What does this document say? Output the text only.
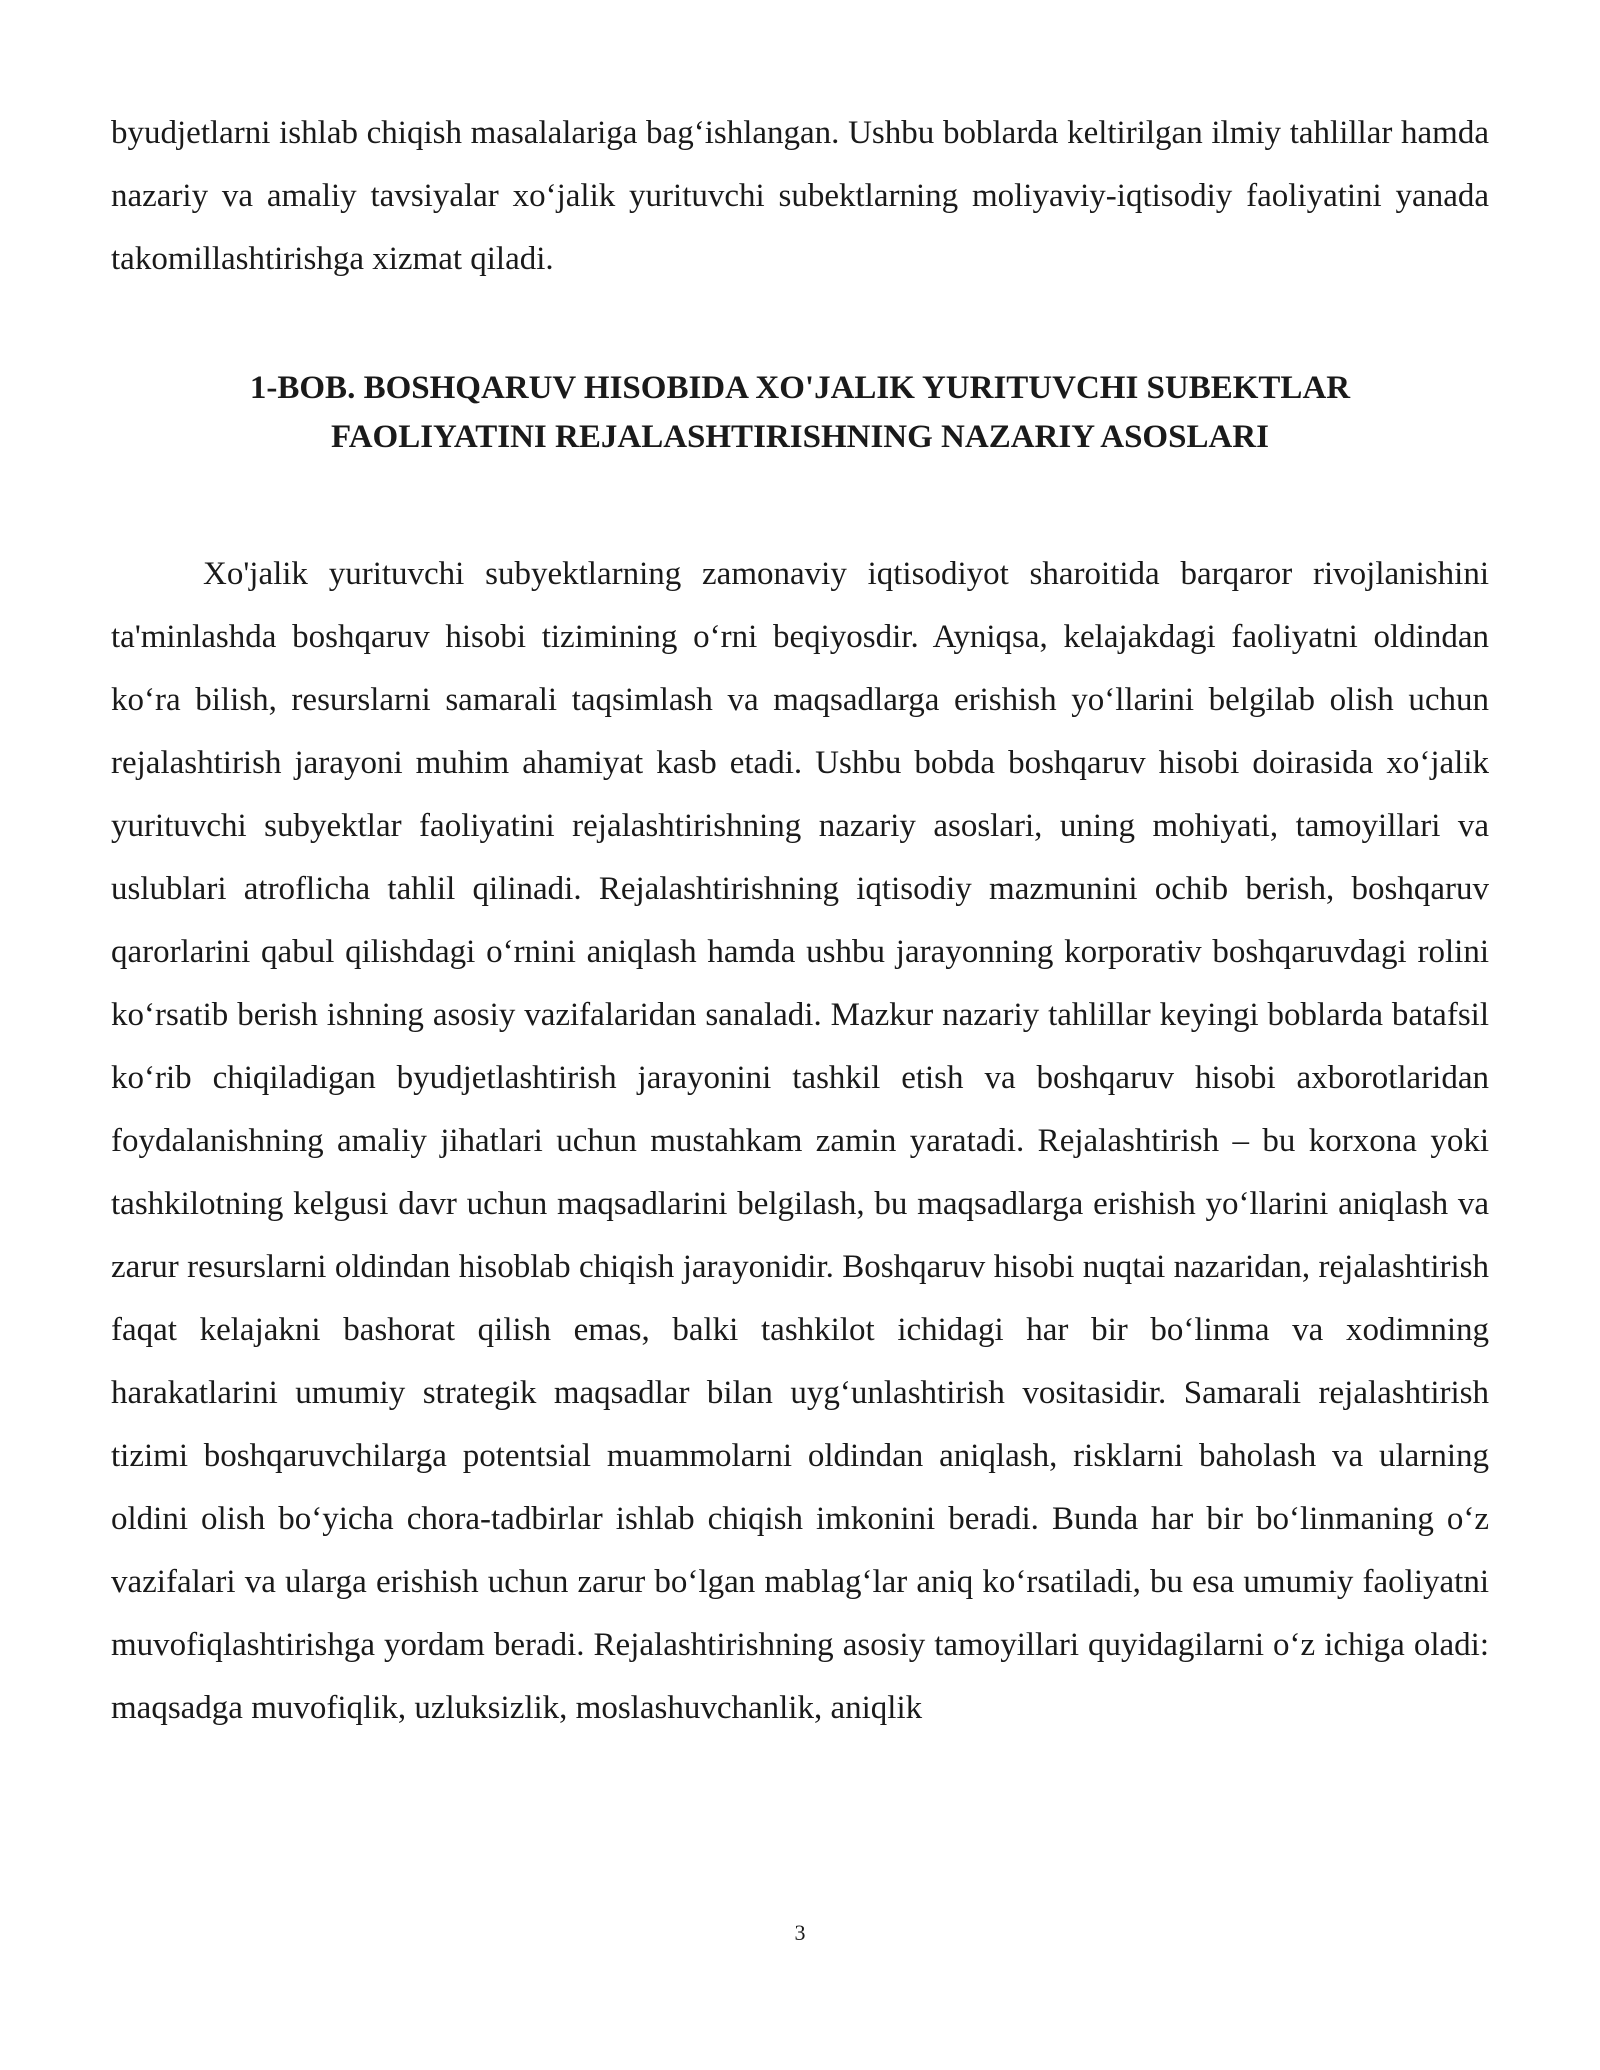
byudjetlarni ishlab chiqish masalalariga bag‘ishlangan. Ushbu boblarda keltirilgan ilmiy tahlillar hamda nazariy va amaliy tavsiyalar xo‘jalik yurituvchi subektlarning moliyaviy-iqtisodiy faoliyatini yanada takomillashtirishga xizmat qiladi.

1-BOB. BOSHQARUV HISOBIDA XO'JALIK YURITUVCHI SUBEKTLAR
FAOLIYATINI REJALASHTIRISHNING NAZARIY ASOSLARI

Xo'jalik yurituvchi subyektlarning zamonaviy iqtisodiyot sharoitida barqaror rivojlanishini ta'minlashda boshqaruv hisobi tizimining o‘rni beqiyosdir. Ayniqsa, kelajakdagi faoliyatni oldindan ko‘ra bilish, resurslarni samarali taqsimlash va maqsadlarga erishish yo‘llarini belgilab olish uchun rejalashtirish jarayoni muhim ahamiyat kasb etadi. Ushbu bobda boshqaruv hisobi doirasida xo‘jalik yurituvchi subyektlar faoliyatini rejalashtirishning nazariy asoslari, uning mohiyati, tamoyillari va uslublari atroflicha tahlil qilinadi. Rejalashtirishning iqtisodiy mazmunini ochib berish, boshqaruv qarorlarini qabul qilishdagi o‘rnini aniqlash hamda ushbu jarayonning korporativ boshqaruvdagi rolini ko‘rsatib berish ishning asosiy vazifalaridan sanaladi. Mazkur nazariy tahlillar keyingi boblarda batafsil ko‘rib chiqiladigan byudjetlashtirish jarayonini tashkil etish va boshqaruv hisobi axborotlaridan foydalanishning amaliy jihatlari uchun mustahkam zamin yaratadi. Rejalashtirish – bu korxona yoki tashkilotning kelgusi davr uchun maqsadlarini belgilash, bu maqsadlarga erishish yo‘llarini aniqlash va zarur resurslarni oldindan hisoblab chiqish jarayonidir. Boshqaruv hisobi nuqtai nazaridan, rejalashtirish faqat kelajakni bashorat qilish emas, balki tashkilot ichidagi har bir bo‘linma va xodimning harakatlarini umumiy strategik maqsadlar bilan uyg‘unlashtirish vositasidir. Samarali rejalashtirish tizimi boshqaruvchilarga potentsial muammolarni oldindan aniqlash, risklarni baholash va ularning oldini olish bo‘yicha chora-tadbirlar ishlab chiqish imkonini beradi. Bunda har bir bo‘linmaning o‘z vazifalari va ularga erishish uchun zarur bo‘lgan mablag‘lar aniq ko‘rsatiladi, bu esa umumiy faoliyatni muvofiqlashtirishga yordam beradi. Rejalashtirishning asosiy tamoyillari quyidagilarni o‘z ichiga oladi: maqsadga muvofiqlik, uzluksizlik, moslashuvchanlik, aniqlik

3
